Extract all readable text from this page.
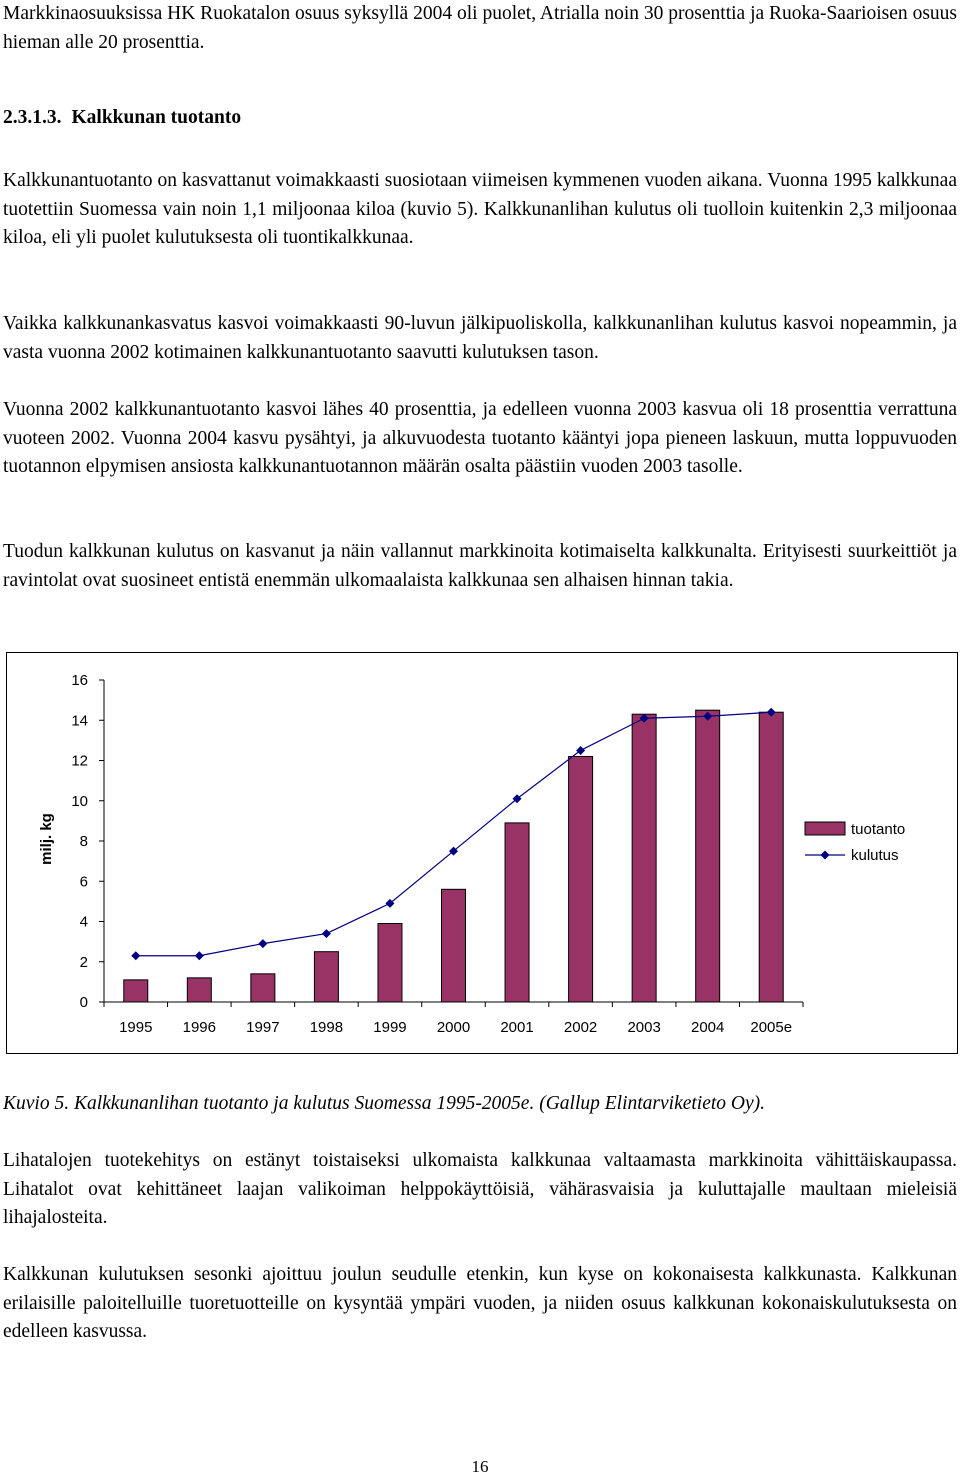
Markkinaosuuksissa HK Ruokatalon osuus syksyllä 2004 oli puolet, Atrialla noin 30 prosenttia ja Ruoka-Saarioisen osuus hieman alle 20 prosenttia.

2.3.1.3. Kalkkunan tuotanto

Kalkkunantuotanto on kasvattanut voimakkaasti suosiotaan viimeisen kymmenen vuoden aikana. Vuonna 1995 kalkkunaa tuotettiin Suomessa vain noin 1,1 miljoonaa kiloa (kuvio 5). Kalkkunanlihan kulutus oli tuolloin kuitenkin 2,3 miljoonaa kiloa, eli yli puolet kulutuksesta oli tuontikalkkunaa.

Vaikka kalkkunankasvatus kasvoi voimakkaasti 90-luvun jälkipuoliskolla, kalkkunanlihan kulutus kasvoi nopeammin, ja vasta vuonna 2002 kotimainen kalkkunantuotanto saavutti kulutuksen tason.

Vuonna 2002 kalkkunantuotanto kasvoi lähes 40 prosenttia, ja edelleen vuonna 2003 kasvua oli 18 prosenttia verrattuna vuoteen 2002. Vuonna 2004 kasvu pysähtyi, ja alkuvuodesta tuotanto kääntyi jopa pieneen laskuun, mutta loppuvuoden tuotannon elpymisen ansiosta kalkkunantuotannon määrän osalta päästiin vuoden 2003 tasolle.

Tuodun kalkkunan kulutus on kasvanut ja näin vallannut markkinoita kotimaiselta kalkkunalta. Erityisesti suurkeittiöt ja ravintolat ovat suosineet entistä enemmän ulkomaalaista kalkkunaa sen alhaisen hinnan takia.

0
2
4
6
8
10
12
14
16
1995 1996 1997 1998 1999 2000 2001 2002 2003 2004 2005e
milj. kg	tuotanto
kulutus

Kuvio 5. Kalkkunanlihan tuotanto ja kulutus Suomessa 1995-2005e. (Gallup Elintarviketieto Oy).

Lihatalojen tuotekehitys on estänyt toistaiseksi ulkomaista kalkkunaa valtaamasta markkinoita vähittäiskaupassa. Lihatalot ovat kehittäneet laajan valikoiman helppokäyttöisiä, vähärasvaisia ja kuluttajalle maultaan mieleisiä lihajalosteita.

Kalkkunan kulutuksen sesonki ajoittuu joulun seudulle etenkin, kun kyse on kokonaisesta kalkkunasta. Kalkkunan erilaisille paloitelluille tuoretuotteille on kysyntää ympäri vuoden, ja niiden osuus kalkkunan kokonaiskulutuksesta on edelleen kasvussa.

16
